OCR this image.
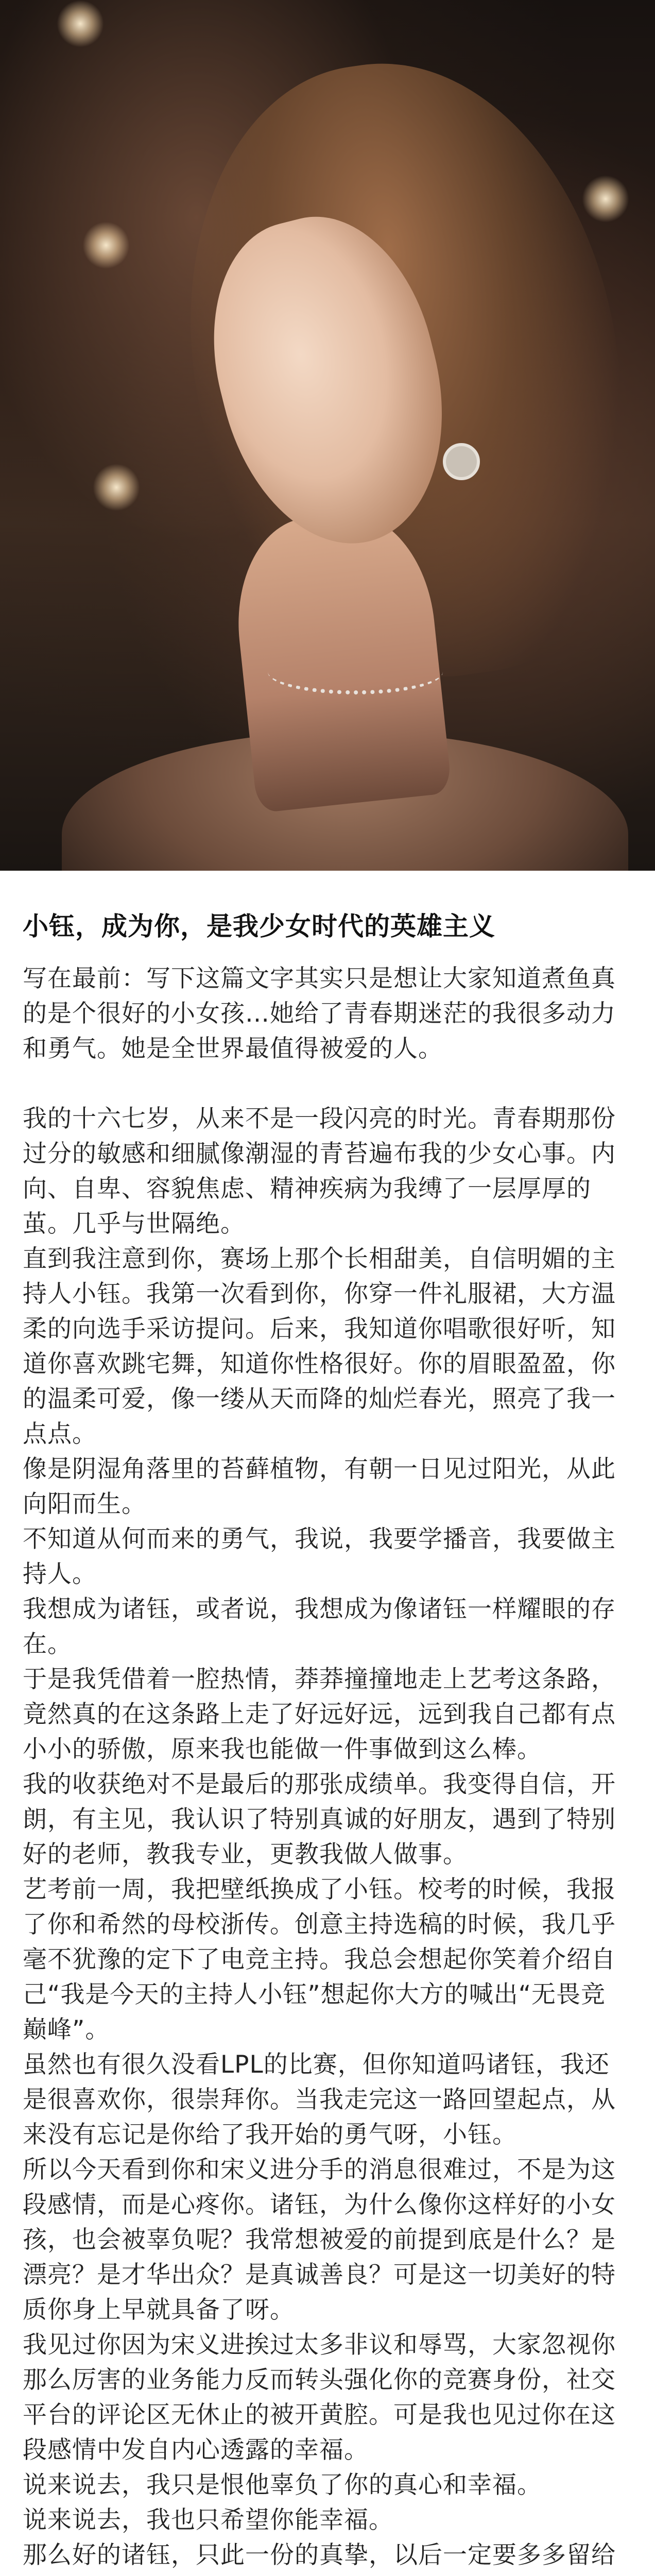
小钰，成为你，是我少女时代的英雄主义

写在最前：写下这篇文字其实只是想让大家知道煮鱼真的是个很好的小女孩…她给了青春期迷茫的我很多动力和勇气。她是全世界最值得被爱的人。

我的十六七岁，从来不是一段闪亮的时光。青春期那份过分的敏感和细腻像潮湿的青苔遍布我的少女心事。内向、自卑、容貌焦虑、精神疾病为我缚了一层厚厚的茧。几乎与世隔绝。

直到我注意到你，赛场上那个长相甜美，自信明媚的主持人小钰。我第一次看到你，你穿一件礼服裙，大方温柔的向选手采访提问。后来，我知道你唱歌很好听，知道你喜欢跳宅舞，知道你性格很好。你的眉眼盈盈，你的温柔可爱，像一缕从天而降的灿烂春光，照亮了我一点点。

像是阴湿角落里的苔藓植物，有朝一日见过阳光，从此向阳而生。

不知道从何而来的勇气，我说，我要学播音，我要做主持人。

我想成为诸钰，或者说，我想成为像诸钰一样耀眼的存在。

于是我凭借着一腔热情，莽莽撞撞地走上艺考这条路，竟然真的在这条路上走了好远好远，远到我自己都有点小小的骄傲，原来我也能做一件事做到这么棒。

我的收获绝对不是最后的那张成绩单。我变得自信，开朗，有主见，我认识了特别真诚的好朋友，遇到了特别好的老师，教我专业，更教我做人做事。

艺考前一周，我把壁纸换成了小钰。校考的时候，我报了你和希然的母校浙传。创意主持选稿的时候，我几乎毫不犹豫的定下了电竞主持。我总会想起你笑着介绍自己“我是今天的主持人小钰”想起你大方的喊出“无畏竞巅峰”。

虽然也有很久没看LPL的比赛，但你知道吗诸钰，我还是很喜欢你，很崇拜你。当我走完这一路回望起点，从来没有忘记是你给了我开始的勇气呀，小钰。

所以今天看到你和宋义进分手的消息很难过，不是为这段感情，而是心疼你。诸钰，为什么像你这样好的小女孩，也会被辜负呢？我常想被爱的前提到底是什么？是漂亮？是才华出众？是真诚善良？可是这一切美好的特质你身上早就具备了呀。

我见过你因为宋义进挨过太多非议和辱骂，大家忽视你那么厉害的业务能力反而转头强化你的竞赛身份，社交平台的评论区无休止的被开黄腔。可是我也见过你在这段感情中发自内心透露的幸福。

说来说去，我只是恨他辜负了你的真心和幸福。

说来说去，我也只希望你能幸福。

那么好的诸钰，只此一份的真挚，以后一定要多多留给
